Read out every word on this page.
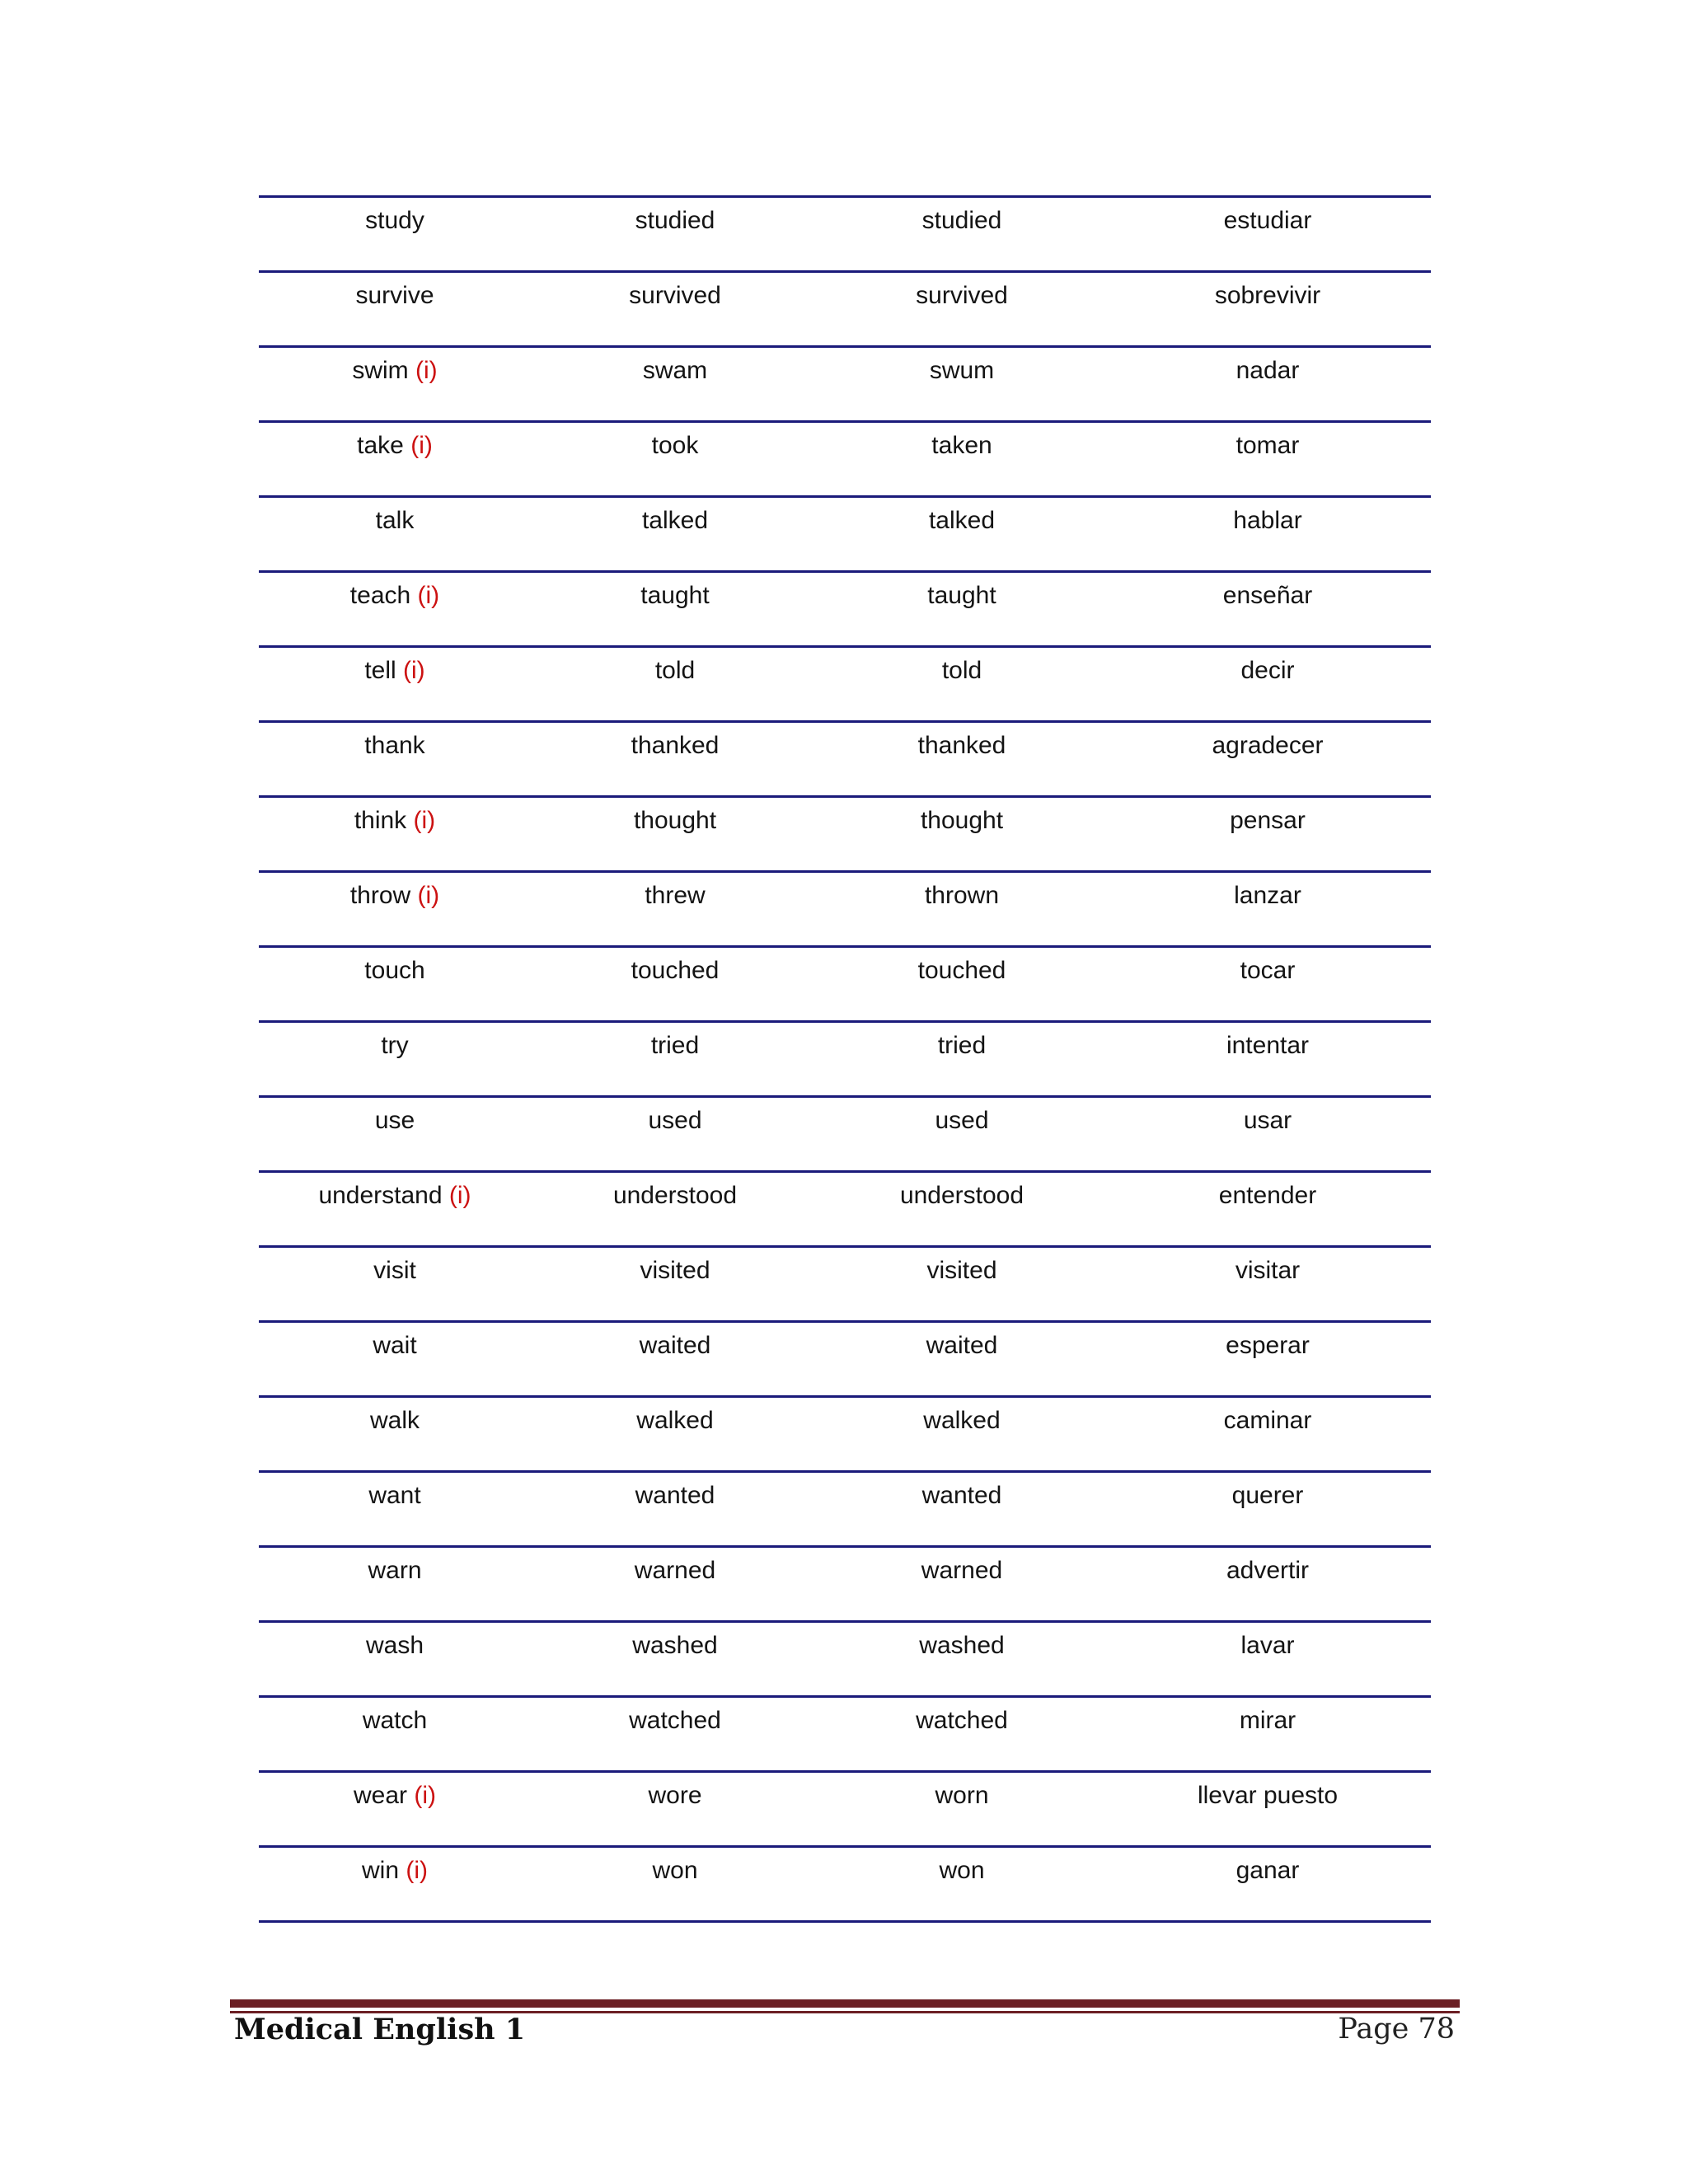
study	studied	studied	estudiar
survive	survived	survived	sobrevivir
swim (i)	swam	swum	nadar
take (i)	took	taken	tomar
talk	talked	talked	hablar
teach (i)	taught	taught	enseñar
tell (i)	told	told	decir
thank	thanked	thanked	agradecer
think (i)	thought	thought	pensar
throw (i)	threw	thrown	lanzar
touch	touched	touched	tocar
try	tried	tried	intentar
use	used	used	usar
understand (i)	understood	understood	entender
visit	visited	visited	visitar
wait	waited	waited	esperar
walk	walked	walked	caminar
want	wanted	wanted	querer
warn	warned	warned	advertir
wash	washed	washed	lavar
watch	watched	watched	mirar
wear (i)	wore	worn	llevar puesto
win (i)	won	won	ganar
Medical English 1	Page 78
